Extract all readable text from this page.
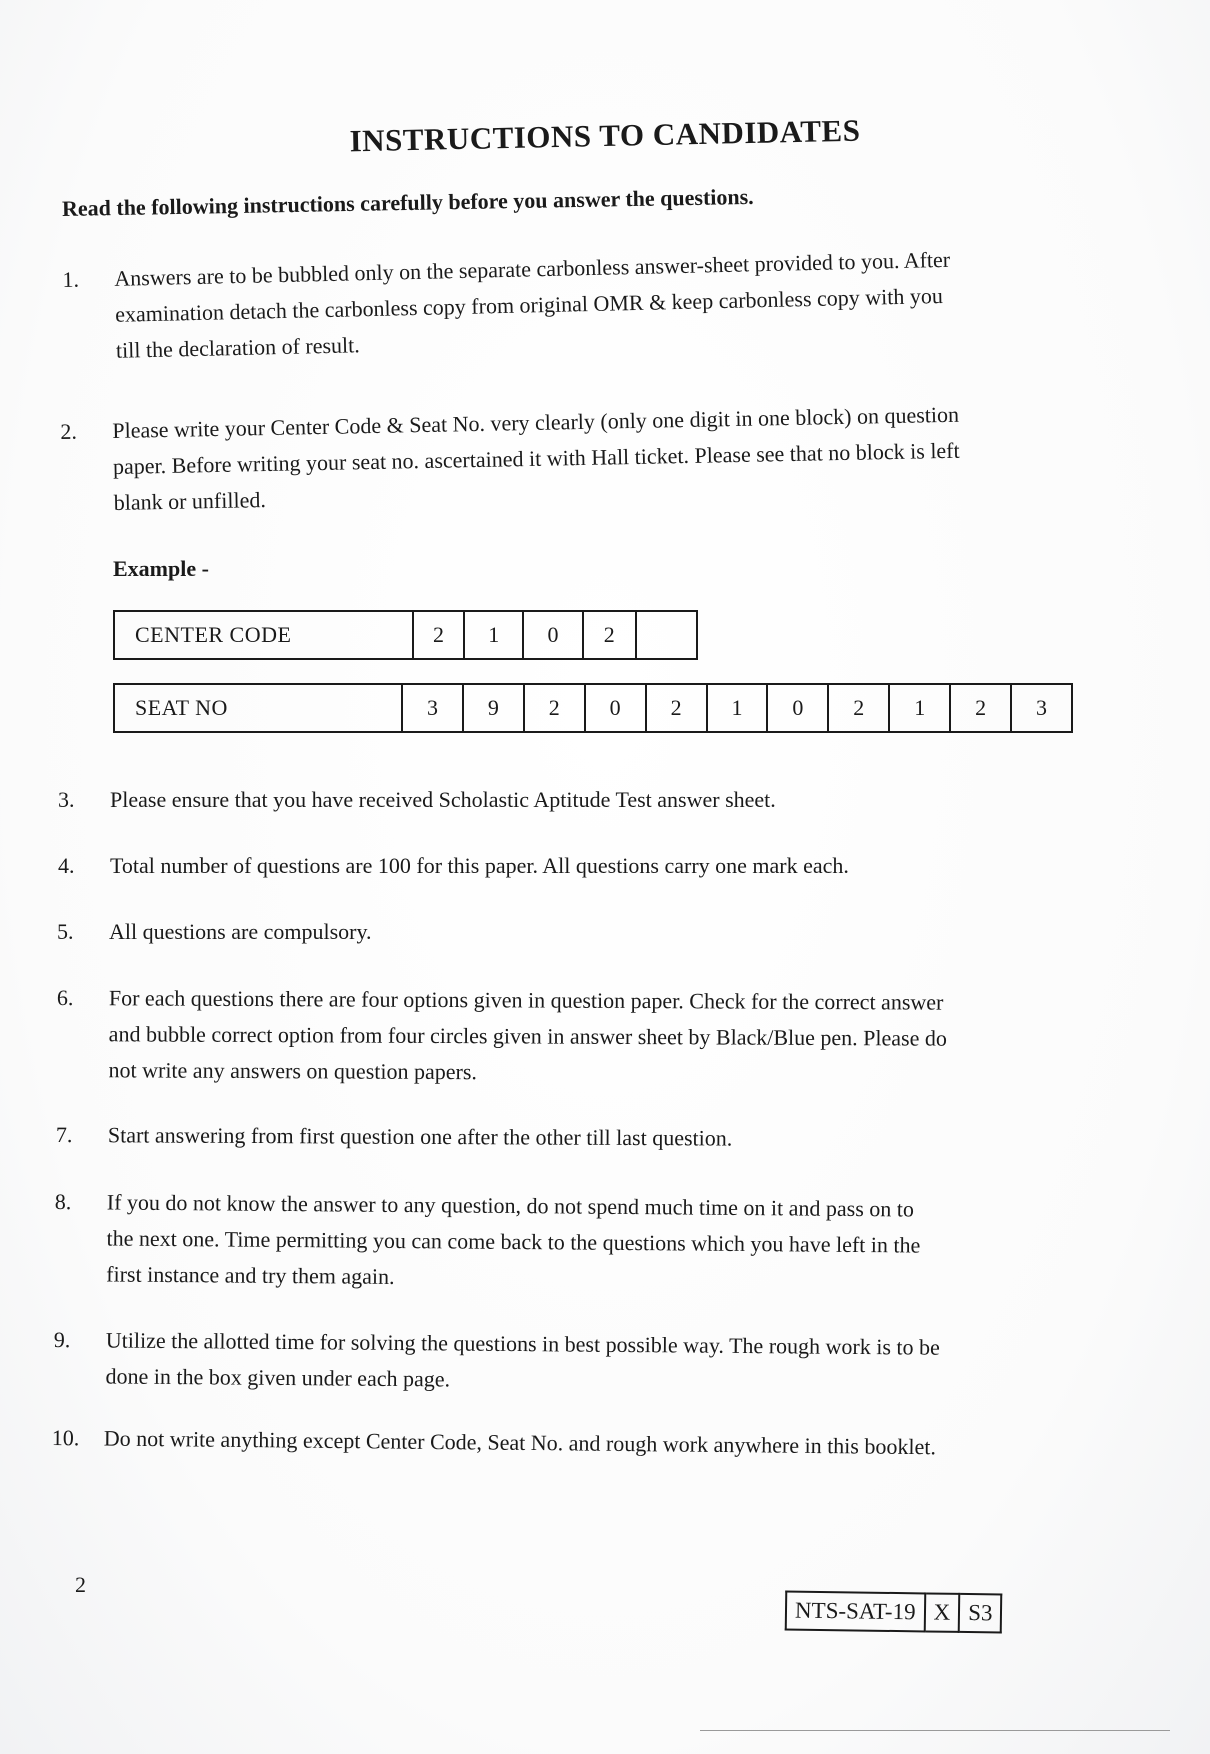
INSTRUCTIONS TO CANDIDATES
Read the following instructions carefully before you answer the questions.
1.	Answers are to be bubbled only on the separate carbonless answer-sheet provided to you. After
examination detach the carbonless copy from original OMR & keep carbonless copy with you
till the declaration of result.
2.	Please write your Center Code & Seat No. very clearly (only one digit in one block) on question
paper. Before writing your seat no. ascertained it with Hall ticket. Please see that no block is left
blank or unfilled.
Example -
CENTER CODE	2	1	0	2	
SEAT NO	3	9	2	0	2	1	0	2	1	2	3
3.	Please ensure that you have received Scholastic Aptitude Test answer sheet.
4.	Total number of questions are 100 for this paper. All questions carry one mark each.
5.	All questions are compulsory.
6.	For each questions there are four options given in question paper. Check for the correct answer
and bubble correct option from four circles given in answer sheet by Black/Blue pen. Please do
not write any answers on question papers.
7.	Start answering from first question one after the other till last question.
8.	If you do not know the answer to any question, do not spend much time on it and pass on to
the next one. Time permitting you can come back to the questions which you have left in the
first instance and try them again.
9.	Utilize the allotted time for solving the questions in best possible way. The rough work is to be
done in the box given under each page.
10.	Do not write anything except Center Code, Seat No. and rough work anywhere in this booklet.
2
NTS-SAT-19	X	S3
